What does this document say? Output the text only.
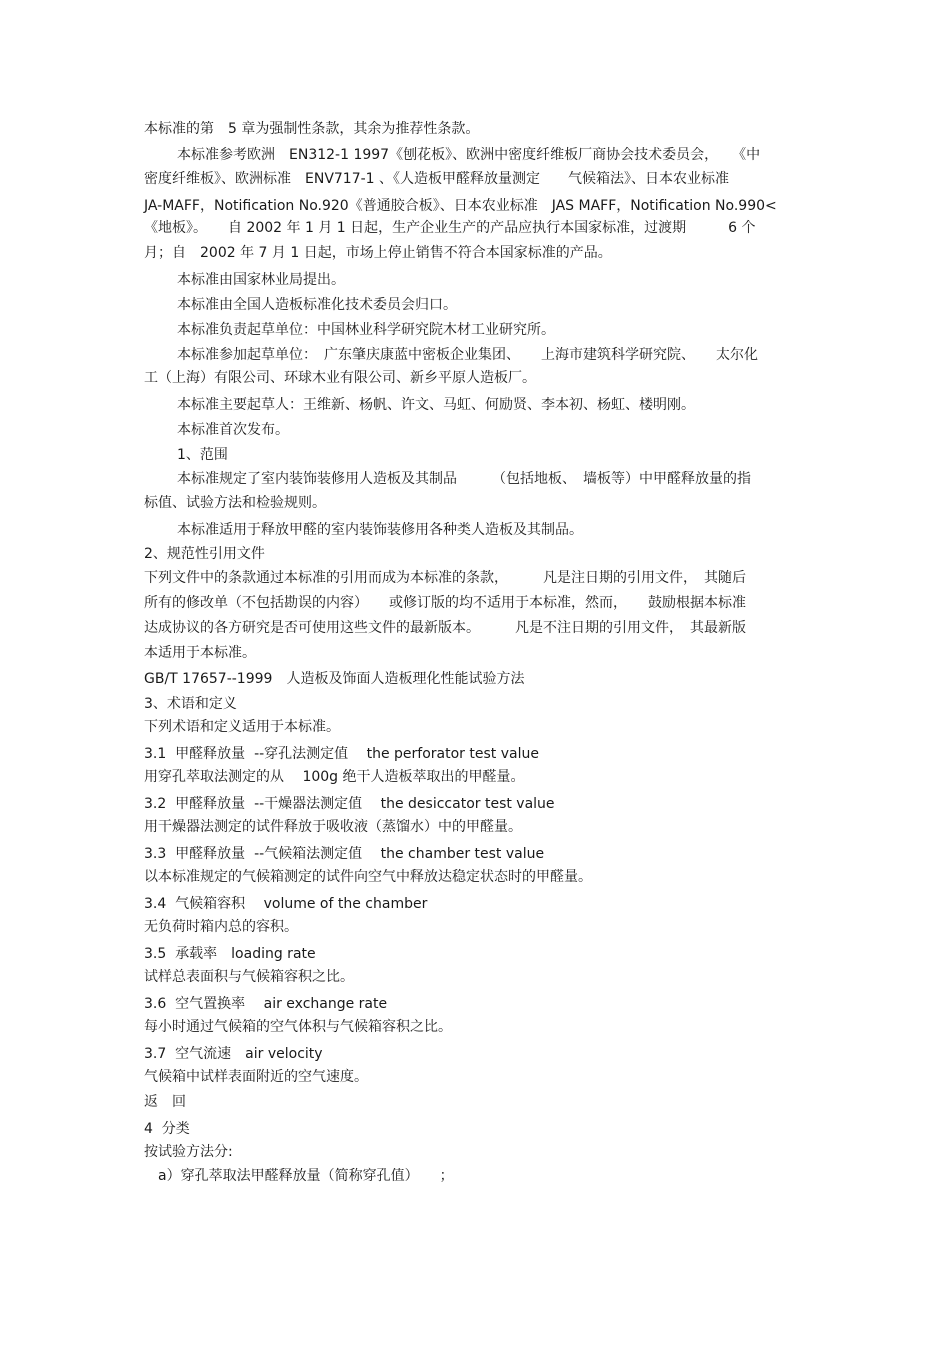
本标准的第　5 章为强制性条款，其余为推荐性条款。
本标准参考欧洲　EN312-1 1997《刨花板》、欧洲中密度纤维板厂商协会技术委员会，　　《中
密度纤维板》、欧洲标准　ENV717-1 、《人造板甲醛释放量测定　　气候箱法》、日本农业标准
JA-MAFF，Notification No.920《普通胶合板》、日本农业标准　JAS MAFF，Notification No.990<
《地板》。　　自 2002 年 1 月 1 日起，生产企业生产的产品应执行本国家标准，过渡期　　　6 个
月；自　2002 年 7 月 1 日起，市场上停止销售不符合本国家标准的产品。
本标准由国家林业局提出。
本标准由全国人造板标准化技术委员会归口。
本标准负责起草单位：中国林业科学研究院木材工业研究所。
本标准参加起草单位：　广东肇庆康蓝中密板企业集团、　　上海市建筑科学研究院、　　太尔化
工（上海）有限公司、环球木业有限公司、新乡平原人造板厂。
本标准主要起草人：王维新、杨帆、许文、马虹、何励贤、李本初、杨虹、楼明刚。
本标准首次发布。
1、范围
本标准规定了室内装饰装修用人造板及其制品　　　（包括地板、　墙板等）中甲醛释放量的指
标值、试验方法和检验规则。
本标准适用于释放甲醛的室内装饰装修用各种类人造板及其制品。
2、规范性引用文件
下列文件中的条款通过本标准的引用而成为本标准的条款，　　　凡是注日期的引用文件，　其随后
所有的修改单（不包括勘误的内容）　　或修订版的均不适用于本标准，然而，　　鼓励根据本标准
达成协议的各方研究是否可使用这些文件的最新版本。　　　凡是不注日期的引用文件，　其最新版
本适用于本标准。
GB/T 17657--1999　人造板及饰面人造板理化性能试验方法
3、术语和定义
下列术语和定义适用于本标准。
3.1  甲醛释放量  --穿孔法测定值　 the perforator test value
用穿孔萃取法测定的从　 100g 绝干人造板萃取出的甲醛量。
3.2  甲醛释放量  --干燥器法测定值　 the desiccator test value
用干燥器法测定的试件释放于吸收液（蒸馏水）中的甲醛量。
3.3  甲醛释放量  --气候箱法测定值　 the chamber test value
以本标准规定的气候箱测定的试件向空气中释放达稳定状态时的甲醛量。
3.4  气候箱容积　 volume of the chamber
无负荷时箱内总的容积。
3.5  承载率　loading rate
试样总表面积与气候箱容积之比。
3.6  空气置换率　 air exchange rate
每小时通过气候箱的空气体积与气候箱容积之比。
3.7  空气流速　air velocity
气候箱中试样表面附近的空气速度。
返　回
4  分类
按试验方法分:
a）穿孔萃取法甲醛释放量（简称穿孔值）　　；
